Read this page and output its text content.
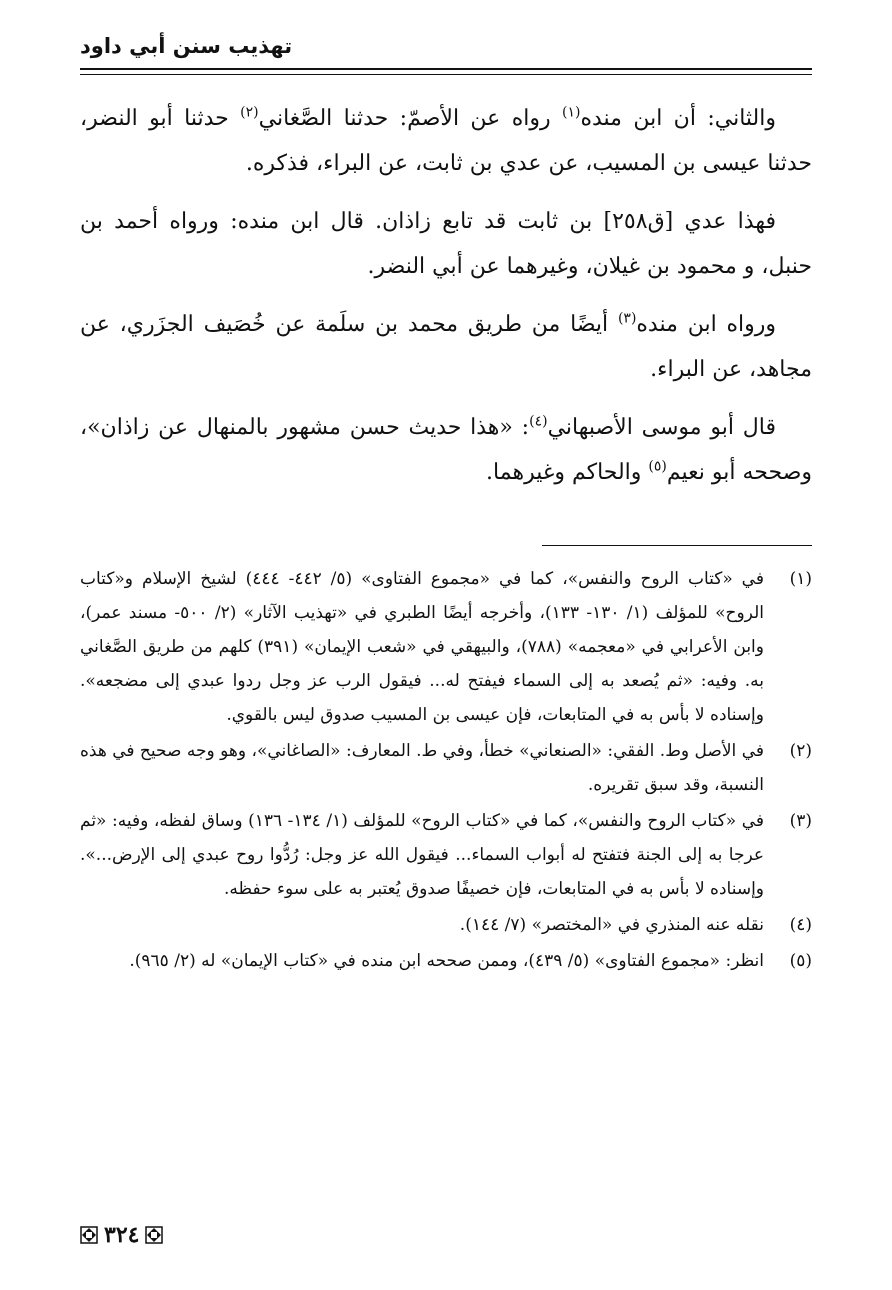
تهذيب سنن أبي داود

والثاني: أن ابن منده$^{(١)}$ رواه عن الأصمّ: حدثنا الصَّغاني$^{(٢)}$ حدثنا أبو النضر، حدثنا عيسى بن المسيب، عن عدي بن ثابت، عن البراء، فذكره.

فهذا عدي [ق٢٥٨] بن ثابت قد تابع زاذان. قال ابن منده: ورواه أحمد بن حنبل، و محمود بن غيلان، وغيرهما عن أبي النضر.

ورواه ابن منده$^{(٣)}$ أيضًا من طريق محمد بن سلَمة عن خُصَيف الجزَري، عن مجاهد، عن البراء.

قال أبو موسى الأصبهاني$^{(٤)}$: «هذا حديث حسن مشهور بالمنهال عن زاذان»، وصححه أبو نعيم$^{(٥)}$ والحاكم وغيرهما.

(١)
في «كتاب الروح والنفس»، كما في «مجموع الفتاوى» (٥/ ٤٤٢- ٤٤٤) لشيخ الإسلام و«كتاب الروح» للمؤلف (١/ ١٣٠- ١٣٣)، وأخرجه أيضًا الطبري في «تهذيب الآثار» (٢/ ٥٠٠- مسند عمر)، وابن الأعرابي في «معجمه» (٧٨٨)، والبيهقي في «شعب الإيمان» (٣٩١) كلهم من طريق الصَّغاني به. وفيه: «ثم يُصعد به إلى السماء فيفتح له... فيقول الرب عز وجل ردوا عبدي إلى مضجعه». وإسناده لا بأس به في المتابعات، فإن عيسى بن المسيب صدوق ليس بالقوي.
(٢)
في الأصل وط. الفقي: «الصنعاني» خطأ، وفي ط. المعارف: «الصاغاني»، وهو وجه صحيح في هذه النسبة، وقد سبق تقريره.
(٣)
في «كتاب الروح والنفس»، كما في «كتاب الروح» للمؤلف (١/ ١٣٤- ١٣٦) وساق لفظه، وفيه: «ثم عرجا به إلى الجنة فتفتح له أبواب السماء... فيقول الله عز وجل: رُدُّوا روح عبدي إلى الإرض...». وإسناده لا بأس به في المتابعات، فإن خصيفًا صدوق يُعتبر به على سوء حفظه.
(٤)
نقله عنه المنذري في «المختصر» (٧/ ١٤٤).
(٥)
انظر: «مجموع الفتاوى» (٥/ ٤٣٩)، وممن صححه ابن منده في «كتاب الإيمان» له (٢/ ٩٦٥).
٣٢٤
